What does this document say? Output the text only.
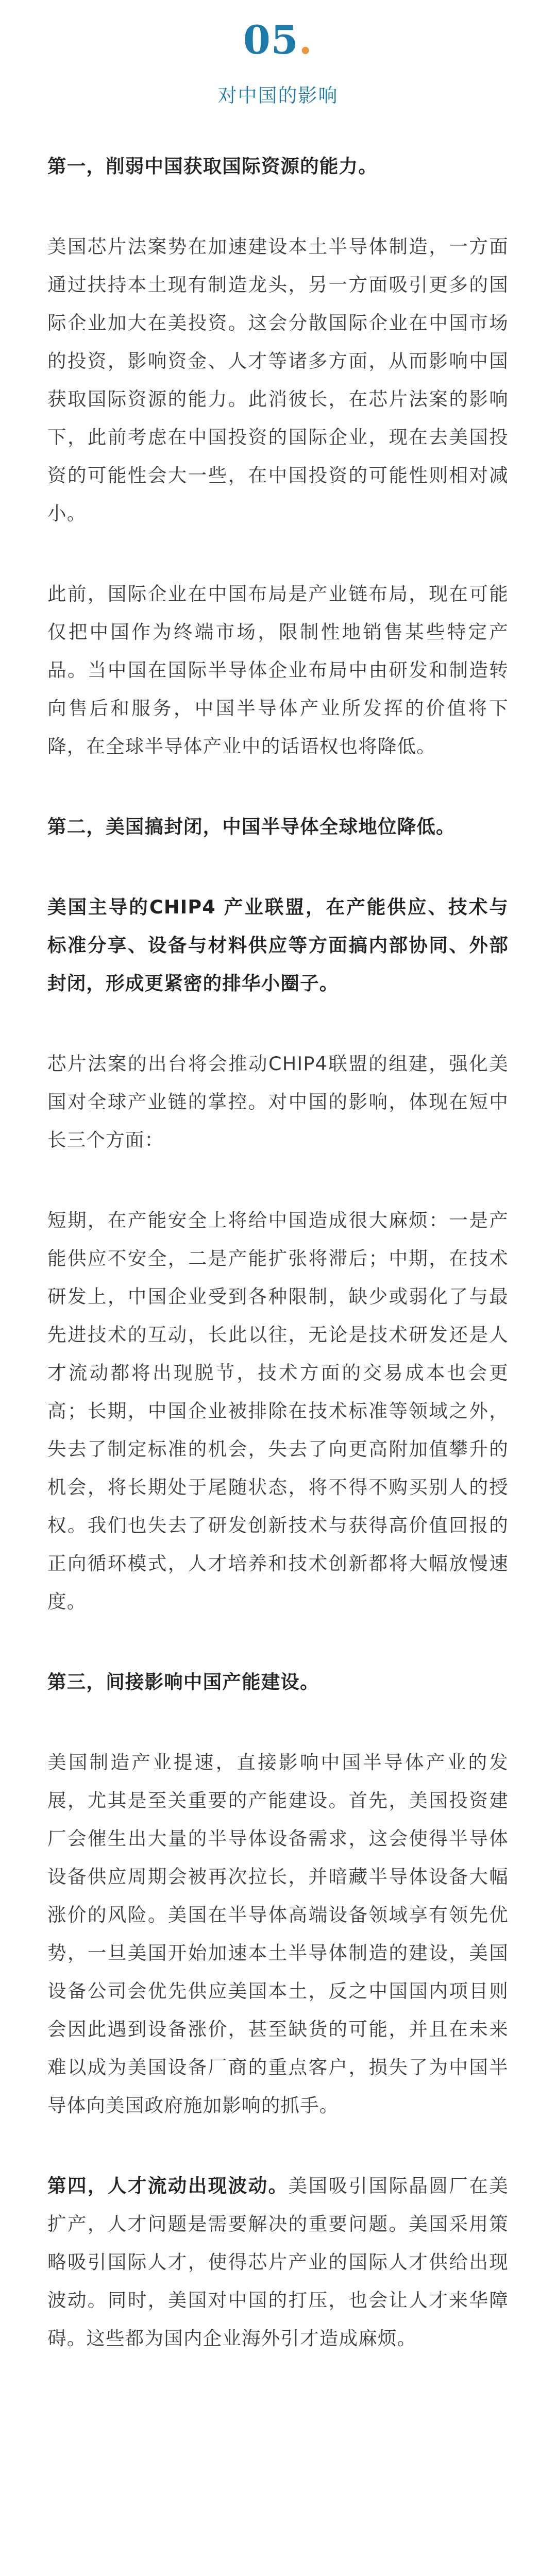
05.
对中国的影响

第一，削弱中国获取国际资源的能力。

美国芯片法案势在加速建设本土半导体制造，一方面通过扶持本土现有制造龙头，另一方面吸引更多的国际企业加大在美投资。这会分散国际企业在中国市场的投资，影响资金、人才等诸多方面，从而影响中国获取国际资源的能力。此消彼长，在芯片法案的影响下，此前考虑在中国投资的国际企业，现在去美国投资的可能性会大一些，在中国投资的可能性则相对减小。

此前，国际企业在中国布局是产业链布局，现在可能仅把中国作为终端市场，限制性地销售某些特定产品。当中国在国际半导体企业布局中由研发和制造转向售后和服务，中国半导体产业所发挥的价值将下降，在全球半导体产业中的话语权也将降低。

第二，美国搞封闭，中国半导体全球地位降低。

美国主导的CHIP4 产业联盟，在产能供应、技术与标准分享、设备与材料供应等方面搞内部协同、外部封闭，形成更紧密的排华小圈子。

芯片法案的出台将会推动CHIP4联盟的组建，强化美国对全球产业链的掌控。对中国的影响，体现在短中长三个方面：

短期，在产能安全上将给中国造成很大麻烦：一是产能供应不安全，二是产能扩张将滞后；中期，在技术研发上，中国企业受到各种限制，缺少或弱化了与最先进技术的互动，长此以往，无论是技术研发还是人才流动都将出现脱节，技术方面的交易成本也会更高；长期，中国企业被排除在技术标准等领域之外，失去了制定标准的机会，失去了向更高附加值攀升的机会，将长期处于尾随状态，将不得不购买别人的授权。我们也失去了研发创新技术与获得高价值回报的正向循环模式，人才培养和技术创新都将大幅放慢速度。

第三，间接影响中国产能建设。

美国制造产业提速，直接影响中国半导体产业的发展，尤其是至关重要的产能建设。首先，美国投资建厂会催生出大量的半导体设备需求，这会使得半导体设备供应周期会被再次拉长，并暗藏半导体设备大幅涨价的风险。美国在半导体高端设备领域享有领先优势，一旦美国开始加速本土半导体制造的建设，美国设备公司会优先供应美国本土，反之中国国内项目则会因此遇到设备涨价，甚至缺货的可能，并且在未来难以成为美国设备厂商的重点客户，损失了为中国半导体向美国政府施加影响的抓手。

第四，人才流动出现波动。美国吸引国际晶圆厂在美扩产，人才问题是需要解决的重要问题。美国采用策略吸引国际人才，使得芯片产业的国际人才供给出现波动。同时，美国对中国的打压，也会让人才来华障碍。这些都为国内企业海外引才造成麻烦。
